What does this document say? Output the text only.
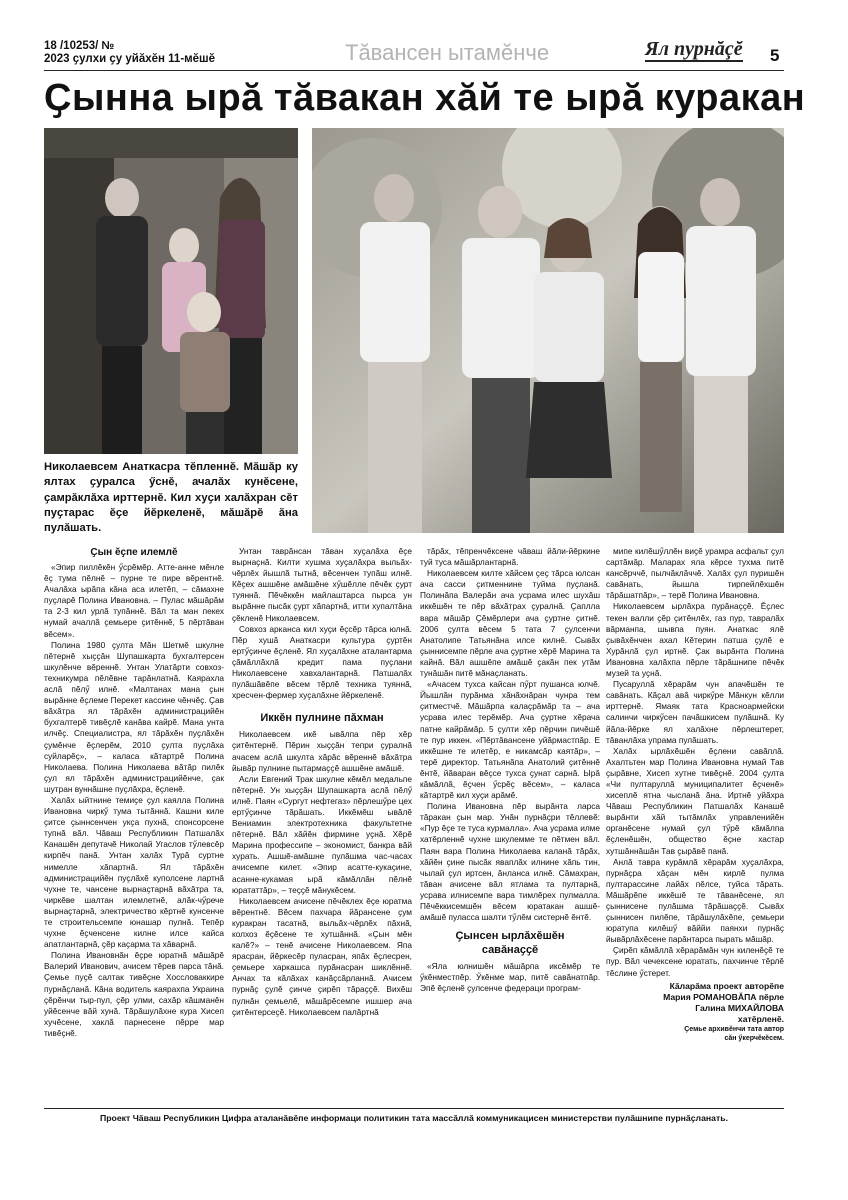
18 /10253/ №
2023 ҫулхи ҫу уйăхĕн 11-мĕшĕ	Тăвансен ытамĕнче	Ял пурнăçĕ 5
Ҫынна ырă тăвакан хăй те ырă куракан
Николаевсем Анаткасра тĕпленнĕ. Мăшăр ку ялтах ҫуралса ӳснĕ, ачалăх кунĕсене, ҫамрăклăха ирттернĕ. Кил хуҫи халăхран сĕт пуҫтарас ĕҫе йĕркеленĕ, мăшăрĕ ăна пулăшать.
Ҫын ĕҫпе илемлĕ

«Эпир пиллĕкĕн ӳсрĕмĕр. Атте-анне мĕнле ĕҫ тума пĕлнĕ – пурне те пире вĕрентнĕ. Ачалăха ырăпа кăна аса илетĕп, – сăмахне пуҫларĕ Полина Ивановна. – Пулас мăшăрăм та 2-3 кил урлă тупăннĕ. Вăл та ман пекех нумай ачаллă ҫемьере ҫитĕннĕ, 5 пĕртăван вĕсем».

Полина 1980 ҫулта Мăн Шетмĕ шкулне пĕтернĕ хыҫҫăн Шупашкарта бухгалтерсен шкулĕнче вĕреннĕ. Унтан Улатăрти совхоз-техникумра пĕлĕвне тарăнлатнă. Каярахла аслă пĕлӳ илнĕ. «Малтанах мана ҫын вырăнне ĕҫлеме Перекет кассине чĕнчĕҫ. Ҫав вăхăтра ял тăрăхĕн администрацийĕн бухгалтерĕ тивĕҫлĕ канăва кайрĕ. Мана унта илчĕҫ. Специалистра, ял тăрăхĕн пуҫлăхĕн ҫумĕнче ĕҫлерĕм, 2010 ҫулта пуҫлăха суйларĕҫ», – каласа кăтартрĕ Полина Николаева. Полина Николаева вăтăр пилĕк ҫул ял тăрăхĕн администрацийĕнче, ҫак шутран вуннăшне пуҫлăхра, ĕҫленĕ.

Халăх ыйтнине темиҫе ҫул каялла Полина Ивановна чиркӳ тума тытăннă. Кашни киле ҫитсе ҫыннсенчен укҫа пухнă, спонсорсене тупнă вăл. Чăваш Республикин Патшалăх Канашĕн депутачĕ Николай Угаслов тӳлевсĕр кирпĕч панă. Унтан халăх Турă суртне нимелле хăпартнă. Ял тăрăхĕн администрацийĕн пуҫлăхĕ куполсене лартнă чухне те, чансене вырнаҫтарнă вăхăтра та, чиркĕве шалтан илемлетнĕ, алăк-чӳрече вырнаҫтарнă, электричество кĕртнĕ кунсенче те строительсемпе юнашар пулнă. Тепĕр чухне ĕҫченсене килне илсе кайса апатлантарнă, ҫĕр каҫарма та хăварнă.

Полина Ивановнăн ĕҫре юратнă мăшăрĕ Валерий Иванович, ачисем тĕрев парса тăнă. Ҫемье пуҫĕ салтак тивĕҫне Хоссловаккире пурнăҫланă. Кăна водитель каярахпа Украина çĕрĕнчи тыр-пул, ҫĕр улми, сахăр кăшманĕн уйĕсенче вăй хунă. Тăрăшулăхне кура Хисеп хучĕсене, хаклă парнесене пĕрре мар тивĕҫнĕ.

Унтан таврăнсан тăван хуҫалăха ĕҫе вырнаҫнă. Килти хушма хуҫалăхра выльăх-чĕрлĕх йышлă тытнă, вĕсенчен тупăш илнĕ. Кĕҫех ашшĕне амăшĕне хӳшĕлле пĕчĕк ҫурт туяннă. Пĕчĕккĕн майлаштарса пырса ун вырăнне пысăк ҫурт хăпартнă, итти хупалтăна ҫĕкленĕ Николаевсем.

Совхоз арканса кил хуҫи ĕҫсĕр тăрса юлнă. Пĕр хушă Анаткасри культура ҫуртĕн ертӳҫинче ĕҫленĕ. Ял хуҫалăхне аталантарма çăмăллăхлă кредит пама пуҫлани Николаевсене хавхалантарнă. Патшалăх пулăшăвĕпе вĕсем тĕрлĕ техника туяннă, хресчен-фермер хуҫалăхне йĕркеленĕ.

Иккĕн пулнине пăхман

Николаевсем икĕ ывăлпа пĕр хĕр ҫитĕнтернĕ. Пĕрин хыҫҫăн тепри ҫуралнă ачасем аслă шкулта хăрăс вĕреннĕ вăхăтра йывăр пулнине пытармаҫҫĕ ашшĕне амăшĕ.

Асли Евгений Трак шкулне кĕмĕл медальпе пĕтернĕ. Ун хыҫҫăн Шупашкарта аслă пĕлӳ илнĕ. Паян «Сургут нефтегаз» пĕрлешӳре цех ертӳҫинче тăрăшать. Иккĕмĕш ывăлĕ Вениамин электротехника факультетне пĕтернĕ. Вăл хăйĕн фирмине уҫнă. Хĕрĕ Марина профессипе – экономист, банкра вăй хурать. Ашшĕ-амăшне пулăшма час-часах ачисемпе килет. «Эпир асатте-кукаҫине, асанне-кукамая ырă кăмăллăн пĕлнĕ юрататтăр», – теҫҫĕ мăнукĕсем.

Николаевсем ачисене пĕчĕклех ĕҫе юратма вĕрентнĕ. Вĕсем пахчара йăрансене ҫум куракран тасатнă, выльăх-чĕрлĕх пăхнă, колхоз ĕҫĕсене те хутшăннă. «Ҫын мĕн калĕ?» – тенĕ ачисене Николаевсем. Япа ярасран, йĕркесĕр пуласран, япăх ĕҫлесрен, ҫемьере харкашса пурăнасран шиклĕннĕ. Анчах та кăлăхах канăҫсăрланнă. Ачисем пурнăҫ ҫулĕ ҫинче ҫирĕп тăраҫҫĕ. Вихĕш пулнăн ҫемьелĕ, мăшăрĕсемпе ишшер ача ҫитĕнтерсеҫĕ. Николаевсем палăртнă

тăрăх, тĕпренчĕксене чăваш йăли-йĕркине туй туса мăшăрлантарнă.

Николаевсем килте хăйсем ҫеҫ тăрса юлсан ача сасси ҫитменнине туйма пуҫланă. Полинăпа Валерăн ача усрама илес шухăш иккĕшĕн те пĕр вăхăтрах ҫуралнă. Ҫаплла вара мăшăр Ҫĕмĕрлери ача ҫуртне ҫитнĕ. 2006 ҫулта вĕсем 5 тата 7 ҫулсенчи Анатолипе Татьянăна илсе килнĕ. Сывăх ҫыннисемпе пĕрле ача ҫуртне хĕрĕ Марина та кайнă. Вăл ашшĕпе амăшĕ ҫакăн пек утăм тунăшăн питĕ мăнаҫланать.

«Ачасем тухса кайсан пӳрт пушанса юлчĕ. Йышлăн пурăнма хăнăхнăран чунра тем ҫитместчĕ. Мăшăрпа калаҫрăмăр та – ача усрава илес терĕмĕр. Ача ҫуртне хĕрача патне кайрăмăр. 5 ҫулти хĕр пĕрчин пичĕшĕ те пур иккен. «Пĕртăвансене уйăрмастпăр. Е иккĕшне те илетĕр, е никамсăр каятăр», – терĕ директор. Татьянăпа Анатолий ҫитĕннĕ ĕнтĕ, йăваран вĕҫсе тухса ҫунат сарнă. Ырă кăмăллă, ĕҫчен ӳсрĕҫ вĕсем», – каласа кăтартрĕ кил хуҫи арăмĕ.

Полина Ивановна пĕр вырăнта ларса тăракан ҫын мар. Унăн пурнăҫри тĕллевĕ: «Пур ĕҫе те туса курмалла». Ача усрама илме хатĕрленнĕ чухне шкулемме те пĕтмен вăл. Паян вара Полина Николаева каланă тăрăх, хăйĕн ҫине пысăк яваплăх илнине хăпь тин, чылай ҫул иртсен, ăнланса илнĕ. Сăмахран, тăван ачисене вăл ятлама та пултарнă, усрава илнисемпе вара тимлĕрех пулмалла. Пĕчĕккисемшĕн вĕсем юратакан ашшĕ-амăшĕ пуласса шалти тӳлĕм систернĕ ĕнтĕ.

Ҫынсен ырлăхĕшĕн
савăнаҫҫĕ

«Яла юлнишĕн мăшăрпа иксĕмĕр те ӳкĕнместпĕр. Ӳкĕнме мар, питĕ савăнатпăр. Эпĕ ĕҫленĕ ҫулсенче федераци програм-

мипе килĕшӳллĕн виҫĕ урамра асфальт ҫул сартăмăр. Маларах яла кĕрсе тухма питĕ кансĕрччĕ, пылчăклăччĕ. Халăх ҫул пуришĕн савăнать, йышла тирпейлĕхшĕн тăрăшатпăр», – терĕ Полина Ивановна.

Николаевсем ырлăхра пурăнаҫҫĕ. Ĕҫлес текен валли ҫĕр ҫитĕнлĕх, газ пур, тавралăх вăрманпа, шывпа пуян. Анаткас ялĕ ҫывăхĕнчен ахал Кĕтерин патша ҫулĕ е Хурăнлă ҫул иртнĕ. Ҫак вырăнта Полина Ивановна халăхпа пĕрле тăрăшнипе пĕчĕк музей та уҫнă.

Пусаруллă хĕрарăм чун апачĕшĕн те савăнать. Кăҫал авă чиркӳре Мăнкун кĕлли ирттернĕ. Ямаяк тата Красноармейски салинчи чиркӳсен пачăшкисем пулăшнă. Ку йăла-йĕрке ял халăхне пĕрлештерет, тăванлăха упрама пулăшать.

Халăх ырлăхĕшĕн ĕҫлени савăплă. Ахалтьтен мар Полина Ивановна нумай Тав ҫырăвне, Хисеп хутне тивĕҫнĕ. 2004 ҫулта «Чи пултаруллă муниципалитет ĕҫченĕ» хисеплĕ ятна чысланă ăна. Иртнĕ уйăхра Чăваш Республикин Патшалăх Канашĕ вырăнти хăй тытăмлăх управленийĕн органĕсене нумай ҫул тӳрĕ кăмăлпа ĕҫленĕшĕн, обществo ĕҫне хастар хутшăннăшăн Тав ҫырăвĕ панă.

Анлă тавра курăмлă хĕрарăм хуҫалăхра, пурнăҫра хăҫан мĕн кирлĕ пулма пултарассине лайăх пĕлсе, туйса тăрать. Мăшăрĕпе иккĕшĕ те тăванĕсене, ял ҫыннисене пулăшма тăрăшаҫҫĕ. Сывăх ҫыннисен пилĕпе, тăрăшулăхĕпе, ҫемьери юратупа килĕшӳ вăййи паянхи пурнăҫ йывăрлăхĕсене парăнтарса пырать мăшăр.

Ҫирĕп кăмăллă хĕрарăмăн чун киленĕҫĕ те пур. Вăл чечексене юратать, пахчинче тĕрлĕ тĕслине ӳстерет.

Кăларăма проект авторĕпе
Мария РОМАНОВĂПА пĕрле
Галина МИХАЙЛОВА
хатĕрленĕ.
Ҫемье архивĕнчи тата автор
сăн ӳкерчĕкĕсем.
Проект Чăваш Республикин Цифра аталанăвĕпе информаци политикин тата массăллă коммуникацисен министерстви пулăшнипе пурнăҫланать.
